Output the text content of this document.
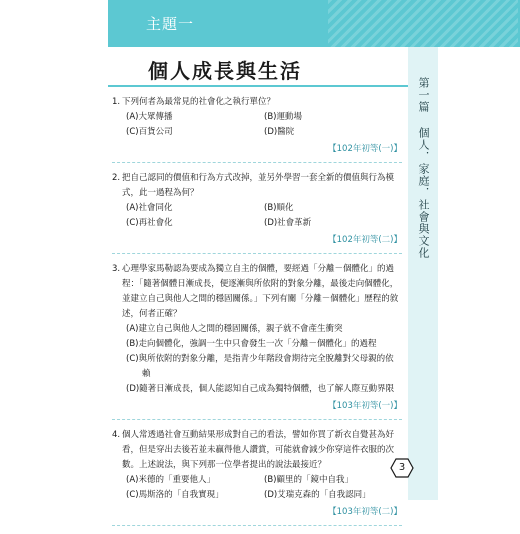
主題一
個人成長與生活
第一篇 個人．家庭．社會與文化
1. 下列何者為最常見的社會化之執行單位？
(A)大眾傳播	(B)運動場
(C)百貨公司	(D)醫院
【102年初等(一)】
2. 把自己認同的價值和行為方式改掉，並另外學習一套全新的價值與行為模式，此一過程為何？
(A)社會同化	(B)順化
(C)再社會化	(D)社會革新
【102年初等(二)】
3. 心理學家馬勒認為要成為獨立自主的個體，要經過「分離－個體化」的過程：「隨著個體日漸成長，便逐漸與所依附的對象分離，最後走向個體化，並建立自己與他人之間的穩固關係。」下列有關「分離－個體化」歷程的敘述，何者正確？
(A)建立自己與他人之間的穩固關係，親子就不會產生衝突
(B)走向個體化，強調一生中只會發生一次「分離－個體化」的過程
(C)與所依附的對象分離，是指青少年階段會期待完全脫離對父母親的依賴
(D)隨著日漸成長，個人能認知自己成為獨特個體，也了解人際互動界限
【103年初等(一)】
4. 個人常透過社會互動結果形成對自己的看法，譬如你買了新衣自覺甚為好看，但是穿出去後若並未贏得他人讚賞，可能就會減少你穿這件衣服的次數。上述說法，與下列那一位學者提出的說法最接近？
(A)米德的「重要他人」	(B)顧里的「鏡中自我」
(C)馬斯洛的「自我實現」	(D)艾瑞克森的「自我認同」
【103年初等(二)】
3
